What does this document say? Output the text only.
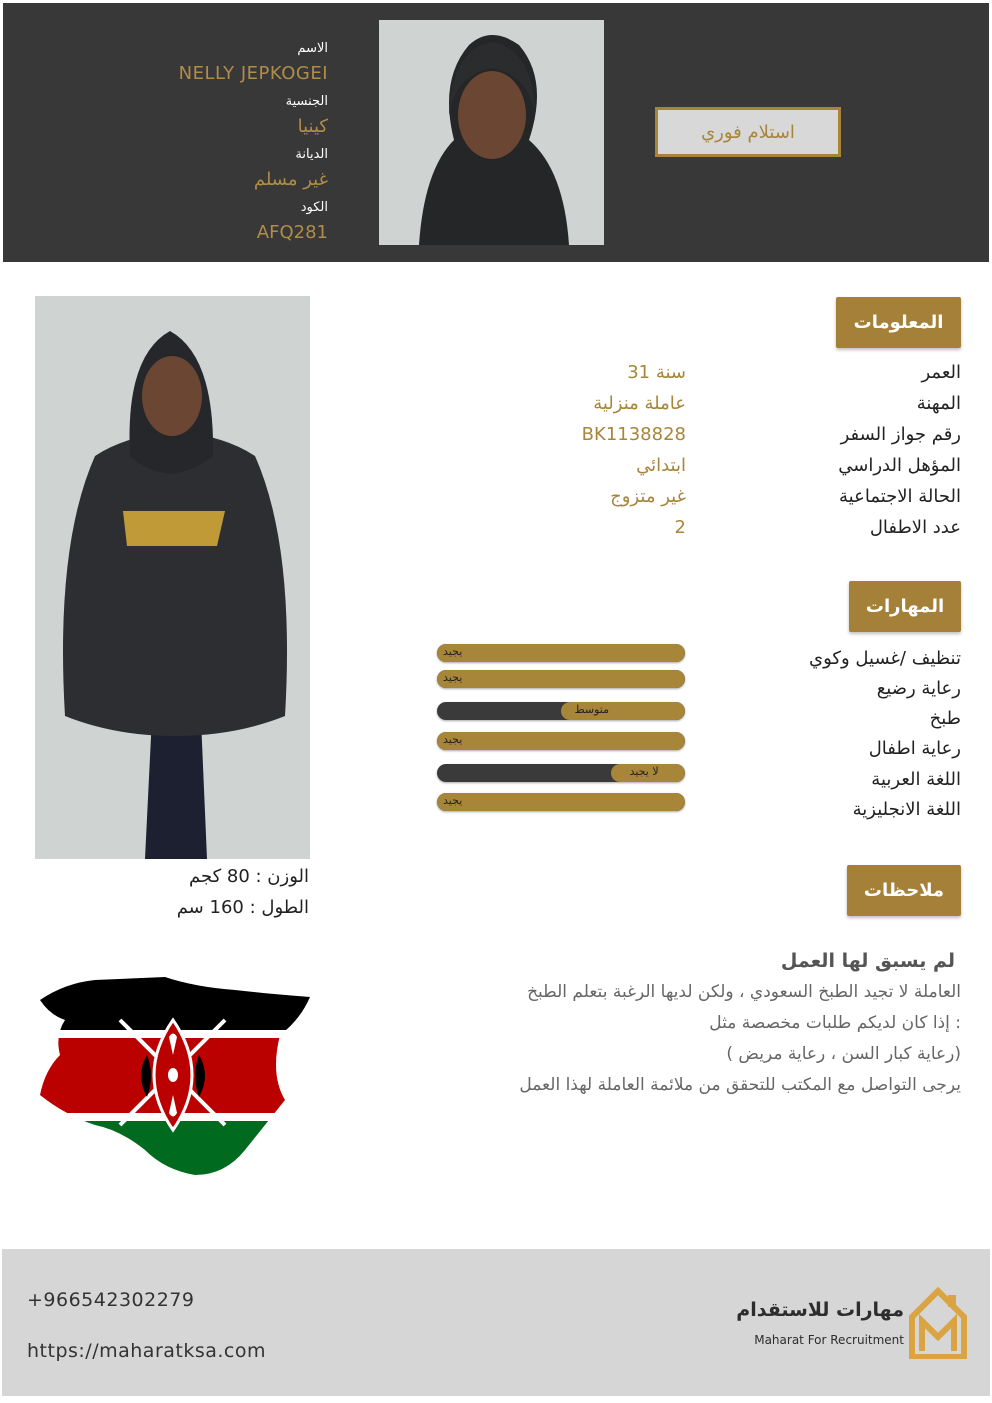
الاسم
NELLY JEPKOGEI
الجنسية
كينيا
الديانة
غير مسلم
الكود
AFQ281
استلام فوري
المعلومات
العمر
31 سنة
المهنة
عاملة منزلية
رقم جواز السفر
BK1138828
المؤهل الدراسي
ابتدائي
الحالة الاجتماعية
غير متزوج
عدد الاطفال
2
المهارات
تنظيف /غسيل وكوي
رعاية رضيع
طبخ
رعاية اطفال
اللغة العربية
اللغة الانجليزية
يجيد
يجيد
متوسط
يجيد
لا يجيد
يجيد
الوزن : 80 كجم
الطول : 160 سم
ملاحظات
لم يسبق لها العمل
العاملة لا تجيد الطبخ السعودي ، ولكن لديها الرغبة بتعلم الطبخ
إذا كان لديكم طلبات مخصصة مثل :
( رعاية كبار السن ، رعاية مريض)
يرجى التواصل مع المكتب للتحقق من ملائمة العاملة لهذا العمل
+966542302279
https://maharatksa.com
مهارات للاستقدام
Maharat For Recruitment
